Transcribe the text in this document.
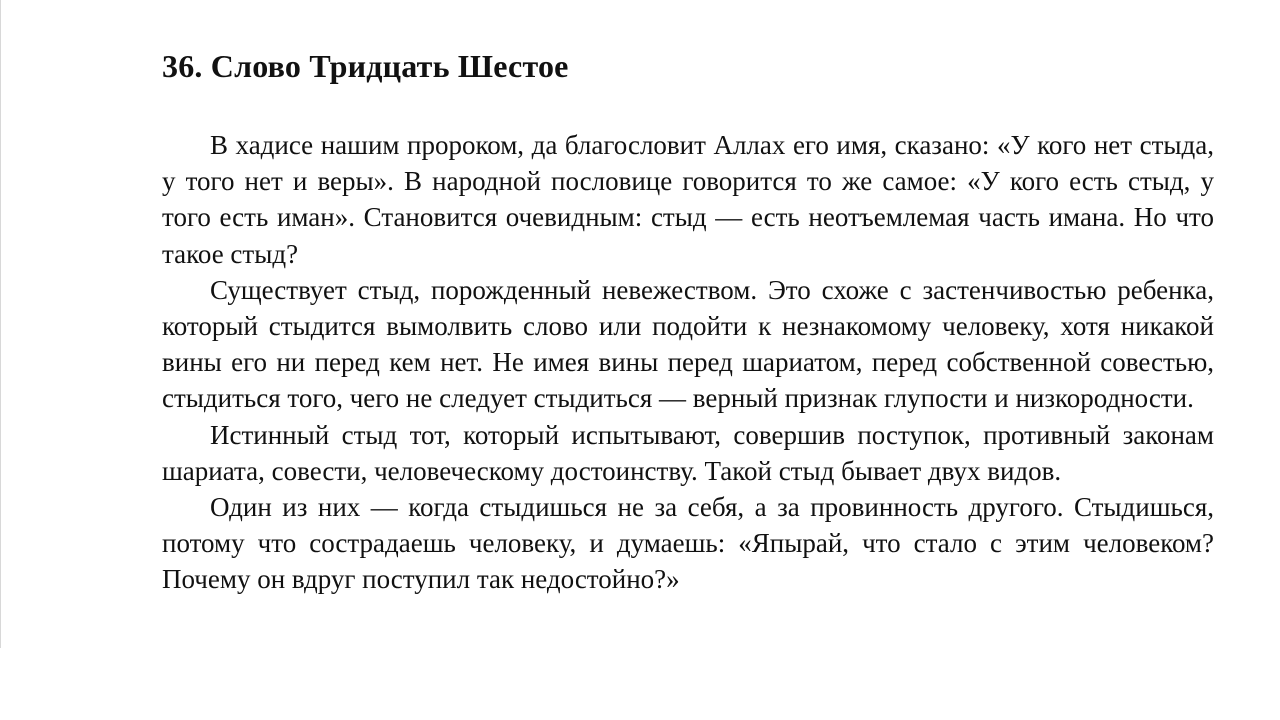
36. Слово Тридцать Шестое

В хадисе нашим пророком, да благословит Аллах его имя, сказано: «У кого нет стыда, у того нет и веры». В народной пословице говорится то же самое: «У кого есть стыд, у того есть иман». Становится очевидным: стыд — есть неотъемлемая часть имана. Но что такое стыд?

Существует стыд, порожденный невежеством. Это схоже с застенчивостью ребенка, который стыдится вымолвить слово или подойти к незнакомому человеку, хотя никакой вины его ни перед кем нет. Не имея вины перед шариатом, перед собственной совестью, стыдиться того, чего не следует стыдиться — верный признак глупости и низкородности.

Истинный стыд тот, который испытывают, совершив поступок, противный законам шариата, совести, человеческому достоинству. Такой стыд бывает двух видов.

Один из них — когда стыдишься не за себя, а за провинность другого. Стыдишься, потому что сострадаешь человеку, и думаешь: «Япырай, что стало с этим человеком? Почему он вдруг поступил так недостойно?»
